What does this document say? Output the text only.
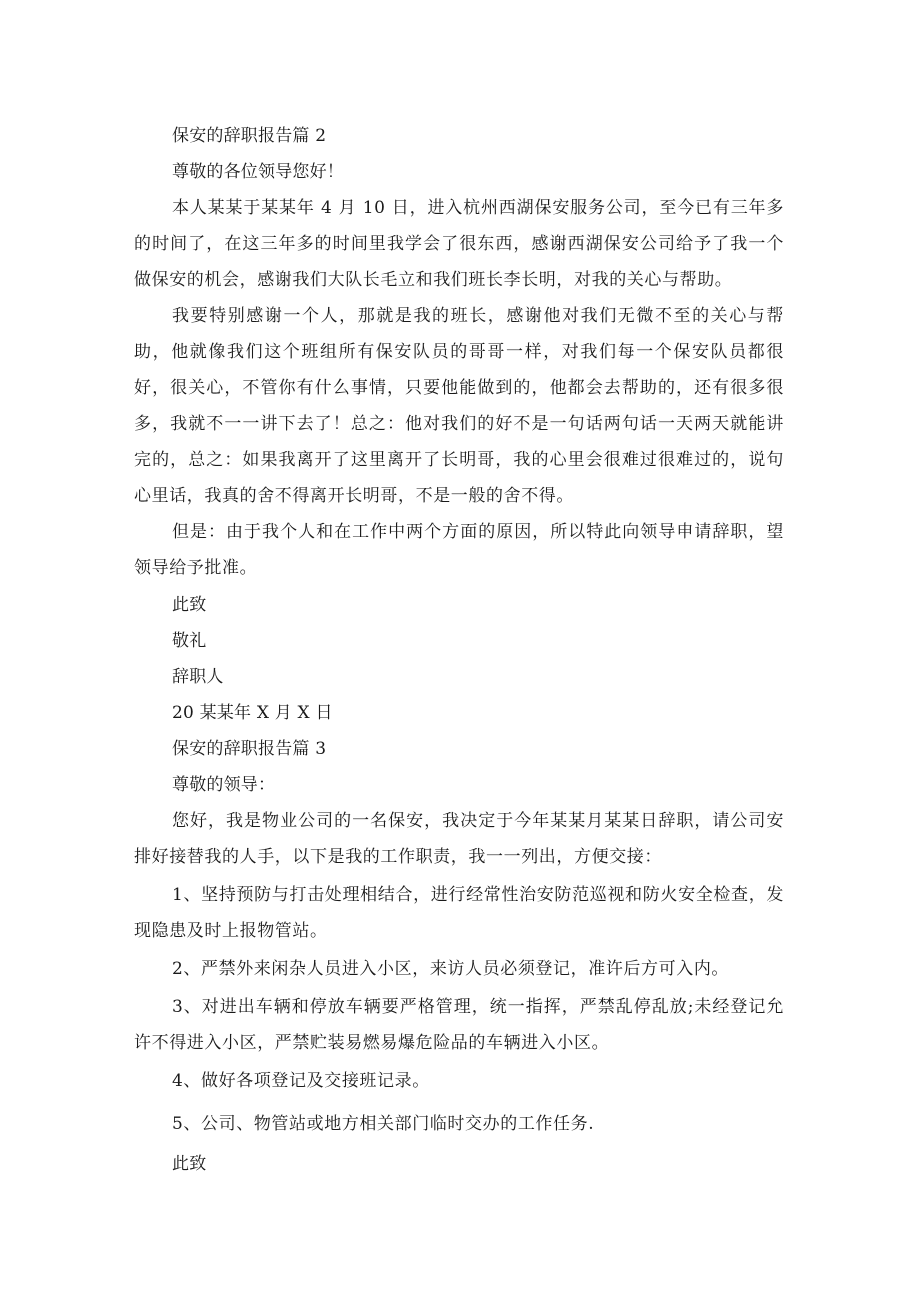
保安的辞职报告篇 2
尊敬的各位领导您好！
本人某某于某某年 4 月 10 日，进入杭州西湖保安服务公司，至今已有三年多的时间了，在这三年多的时间里我学会了很东西，感谢西湖保安公司给予了我一个做保安的机会，感谢我们大队长毛立和我们班长李长明，对我的关心与帮助。
我要特别感谢一个人，那就是我的班长，感谢他对我们无微不至的关心与帮助，他就像我们这个班组所有保安队员的哥哥一样，对我们每一个保安队员都很好，很关心，不管你有什么事情，只要他能做到的，他都会去帮助的，还有很多很多，我就不一一讲下去了！总之：他对我们的好不是一句话两句话一天两天就能讲完的，总之：如果我离开了这里离开了长明哥，我的心里会很难过很难过的，说句心里话，我真的舍不得离开长明哥，不是一般的舍不得。
但是：由于我个人和在工作中两个方面的原因，所以特此向领导申请辞职，望领导给予批准。
此致
敬礼
辞职人
20 某某年 X 月 X 日
保安的辞职报告篇 3
尊敬的领导：
您好，我是物业公司的一名保安，我决定于今年某某月某某日辞职，请公司安排好接替我的人手，以下是我的工作职责，我一一列出，方便交接：
1、坚持预防与打击处理相结合，进行经常性治安防范巡视和防火安全检查，发现隐患及时上报物管站。
2、严禁外来闲杂人员进入小区，来访人员必须登记，准许后方可入内。
3、对进出车辆和停放车辆要严格管理，统一指挥，严禁乱停乱放;未经登记允许不得进入小区，严禁贮装易燃易爆危险品的车辆进入小区。
4、做好各项登记及交接班记录。
5、公司、物管站或地方相关部门临时交办的工作任务.
此致
